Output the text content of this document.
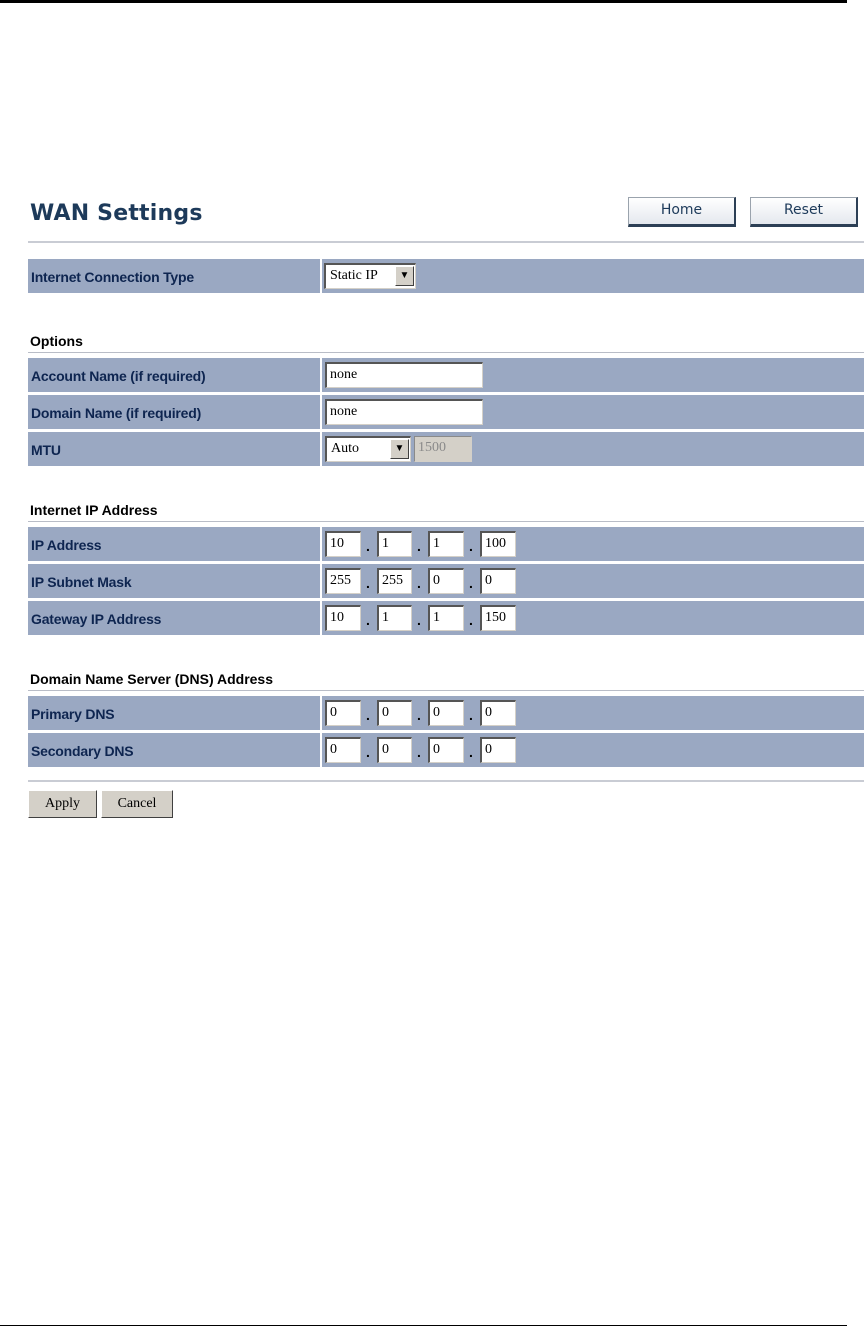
WAN Settings	Home	Reset
Internet Connection Type	Static IP	▼
Options
Account Name (if required)	none
Domain Name (if required)	none
MTU	Auto	▼ 1500
Internet IP Address
IP Address	10	. 1	. 1	. 100
IP Subnet Mask	255	. 255	. 0	. 0
Gateway IP Address	10	. 1	. 1	. 150
Domain Name Server (DNS) Address
Primary DNS	0	. 0	. 0	. 0
Secondary DNS	0	. 0	. 0	. 0
Apply	Cancel
